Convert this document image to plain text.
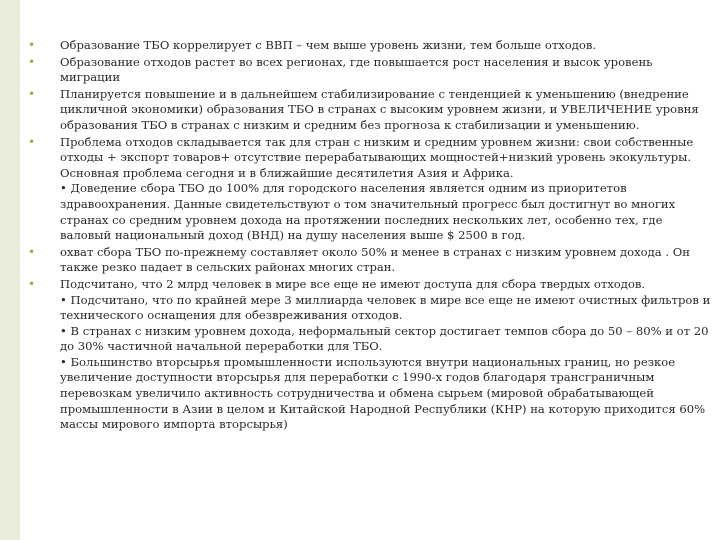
• Образование ТБО коррелирует с ВВП – чем выше уровень жизни, тем больше отходов.
• Образование отходов растет во всех регионах, где повышается рост населения и высок уровень миграции
• Планируется повышение и в дальнейшем стабилизирование с тенденцией к уменьшению (внедрение цикличной экономики) образования ТБО в странах с высоким уровнем жизни, и УВЕЛИЧЕНИЕ уровня образования ТБО в странах с низким и средним без прогноза к стабилизации и уменьшению.
• Проблема отходов складывается так для стран с низким и средним уровнем жизни: свои собственные отходы + экспорт товаров+ отсутствие перерабатывающих мощностей+низкий уровень экокультуры. Основная проблема сегодня и в ближайшие десятилетия Азия и Африка.
• Доведение сбора ТБО до 100% для городского населения является одним из приоритетов здравоохранения. Данные свидетельствуют о том значительный прогресс был достигнут во многих странах со средним уровнем дохода на протяжении последних нескольких лет, особенно тех, где валовый национальный доход (ВНД) на душу населения выше $ 2500 в год.
• охват сбора ТБО по-прежнему составляет около 50% и менее в странах с низким уровнем дохода . Он также резко падает в сельских районах многих стран.
• Подсчитано, что 2 млрд человек в мире все еще не имеют доступа для сбора твердых отходов.
• Подсчитано, что по крайней мере 3 миллиарда человек в мире все еще не имеют очистных фильтров и технического оснащения для обезвреживания отходов.
• В странах с низким уровнем дохода, неформальный сектор достигает темпов сбора до 50 – 80% и от 20 до 30% частичной начальной переработки для ТБО.
• Большинство вторсырья промышленности используются внутри национальных границ, но резкое увеличение доступности вторсырья для переработки с 1990-х годов благодаря трансграничным перевозкам увеличило активность сотрудничества и обмена сырьем (мировой обрабатывающей промышленности в Азии в целом и Китайской Народной Республики (КНР) на которую приходится 60% массы мирового импорта вторсырья)
